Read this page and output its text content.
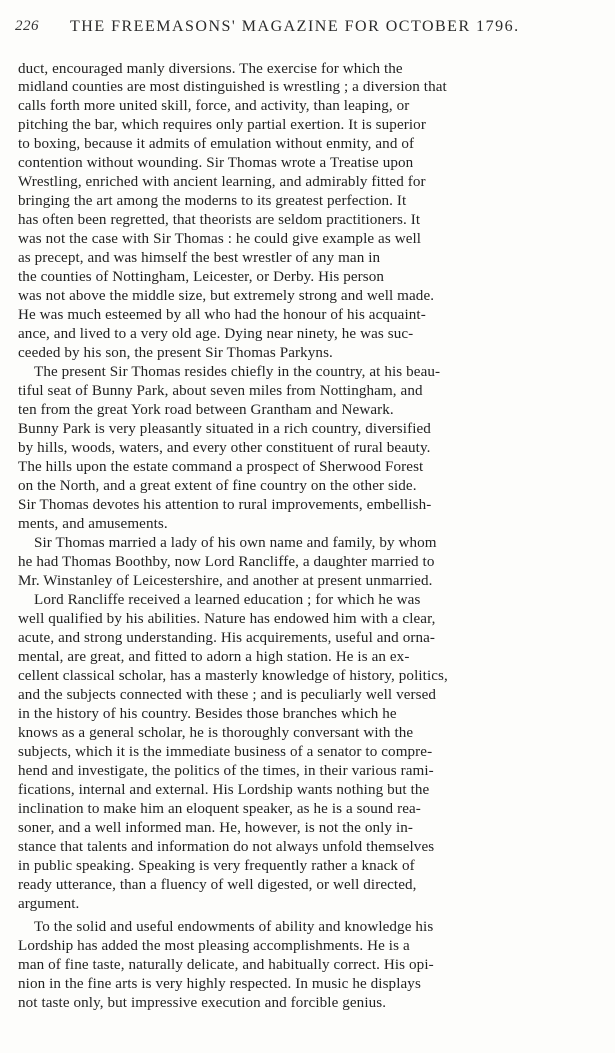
226 THE FREEMASONS' MAGAZINE FOR OCTOBER 1796.
duct, encouraged manly diversions. The exercise for which the
midland counties are most distinguished is wrestling ; a diversion that
calls forth more united skill, force, and activity, than leaping, or
pitching the bar, which requires only partial exertion. It is superior
to boxing, because it admits of emulation without enmity, and of
contention without wounding. Sir Thomas wrote a Treatise upon
Wrestling, enriched with ancient learning, and admirably fitted for
bringing the art among the moderns to its greatest perfection. It
has often been regretted, that theorists are seldom practitioners. It
was not the case with Sir Thomas : he could give example as well
as precept, and was himself the best wrestler of any man in
the counties of Nottingham, Leicester, or Derby. His person
was not above the middle size, but extremely strong and well made.
He was much esteemed by all who had the honour of his acquaint-
ance, and lived to a very old age. Dying near ninety, he was suc-
ceeded by his son, the present Sir Thomas Parkyns.
The present Sir Thomas resides chiefly in the country, at his beau-
tiful seat of Bunny Park, about seven miles from Nottingham, and
ten from the great York road between Grantham and Newark.
Bunny Park is very pleasantly situated in a rich country, diversified
by hills, woods, waters, and every other constituent of rural beauty.
The hills upon the estate command a prospect of Sherwood Forest
on the North, and a great extent of fine country on the other side.
Sir Thomas devotes his attention to rural improvements, embellish-
ments, and amusements.
Sir Thomas married a lady of his own name and family, by whom
he had Thomas Boothby, now Lord Rancliffe, a daughter married to
Mr. Winstanley of Leicestershire, and another at present unmarried.
Lord Rancliffe received a learned education ; for which he was
well qualified by his abilities. Nature has endowed him with a clear,
acute, and strong understanding. His acquirements, useful and orna-
mental, are great, and fitted to adorn a high station. He is an ex-
cellent classical scholar, has a masterly knowledge of history, politics,
and the subjects connected with these ; and is peculiarly well versed
in the history of his country. Besides those branches which he
knows as a general scholar, he is thoroughly conversant with the
subjects, which it is the immediate business of a senator to compre-
hend and investigate, the politics of the times, in their various rami-
fications, internal and external. His Lordship wants nothing but the
inclination to make him an eloquent speaker, as he is a sound rea-
soner, and a well informed man. He, however, is not the only in-
stance that talents and information do not always unfold themselves
in public speaking. Speaking is very frequently rather a knack of
ready utterance, than a fluency of well digested, or well directed,
argument.
To the solid and useful endowments of ability and knowledge his
Lordship has added the most pleasing accomplishments. He is a
man of fine taste, naturally delicate, and habitually correct. His opi-
nion in the fine arts is very highly respected. In music he displays
not taste only, but impressive execution and forcible genius.
